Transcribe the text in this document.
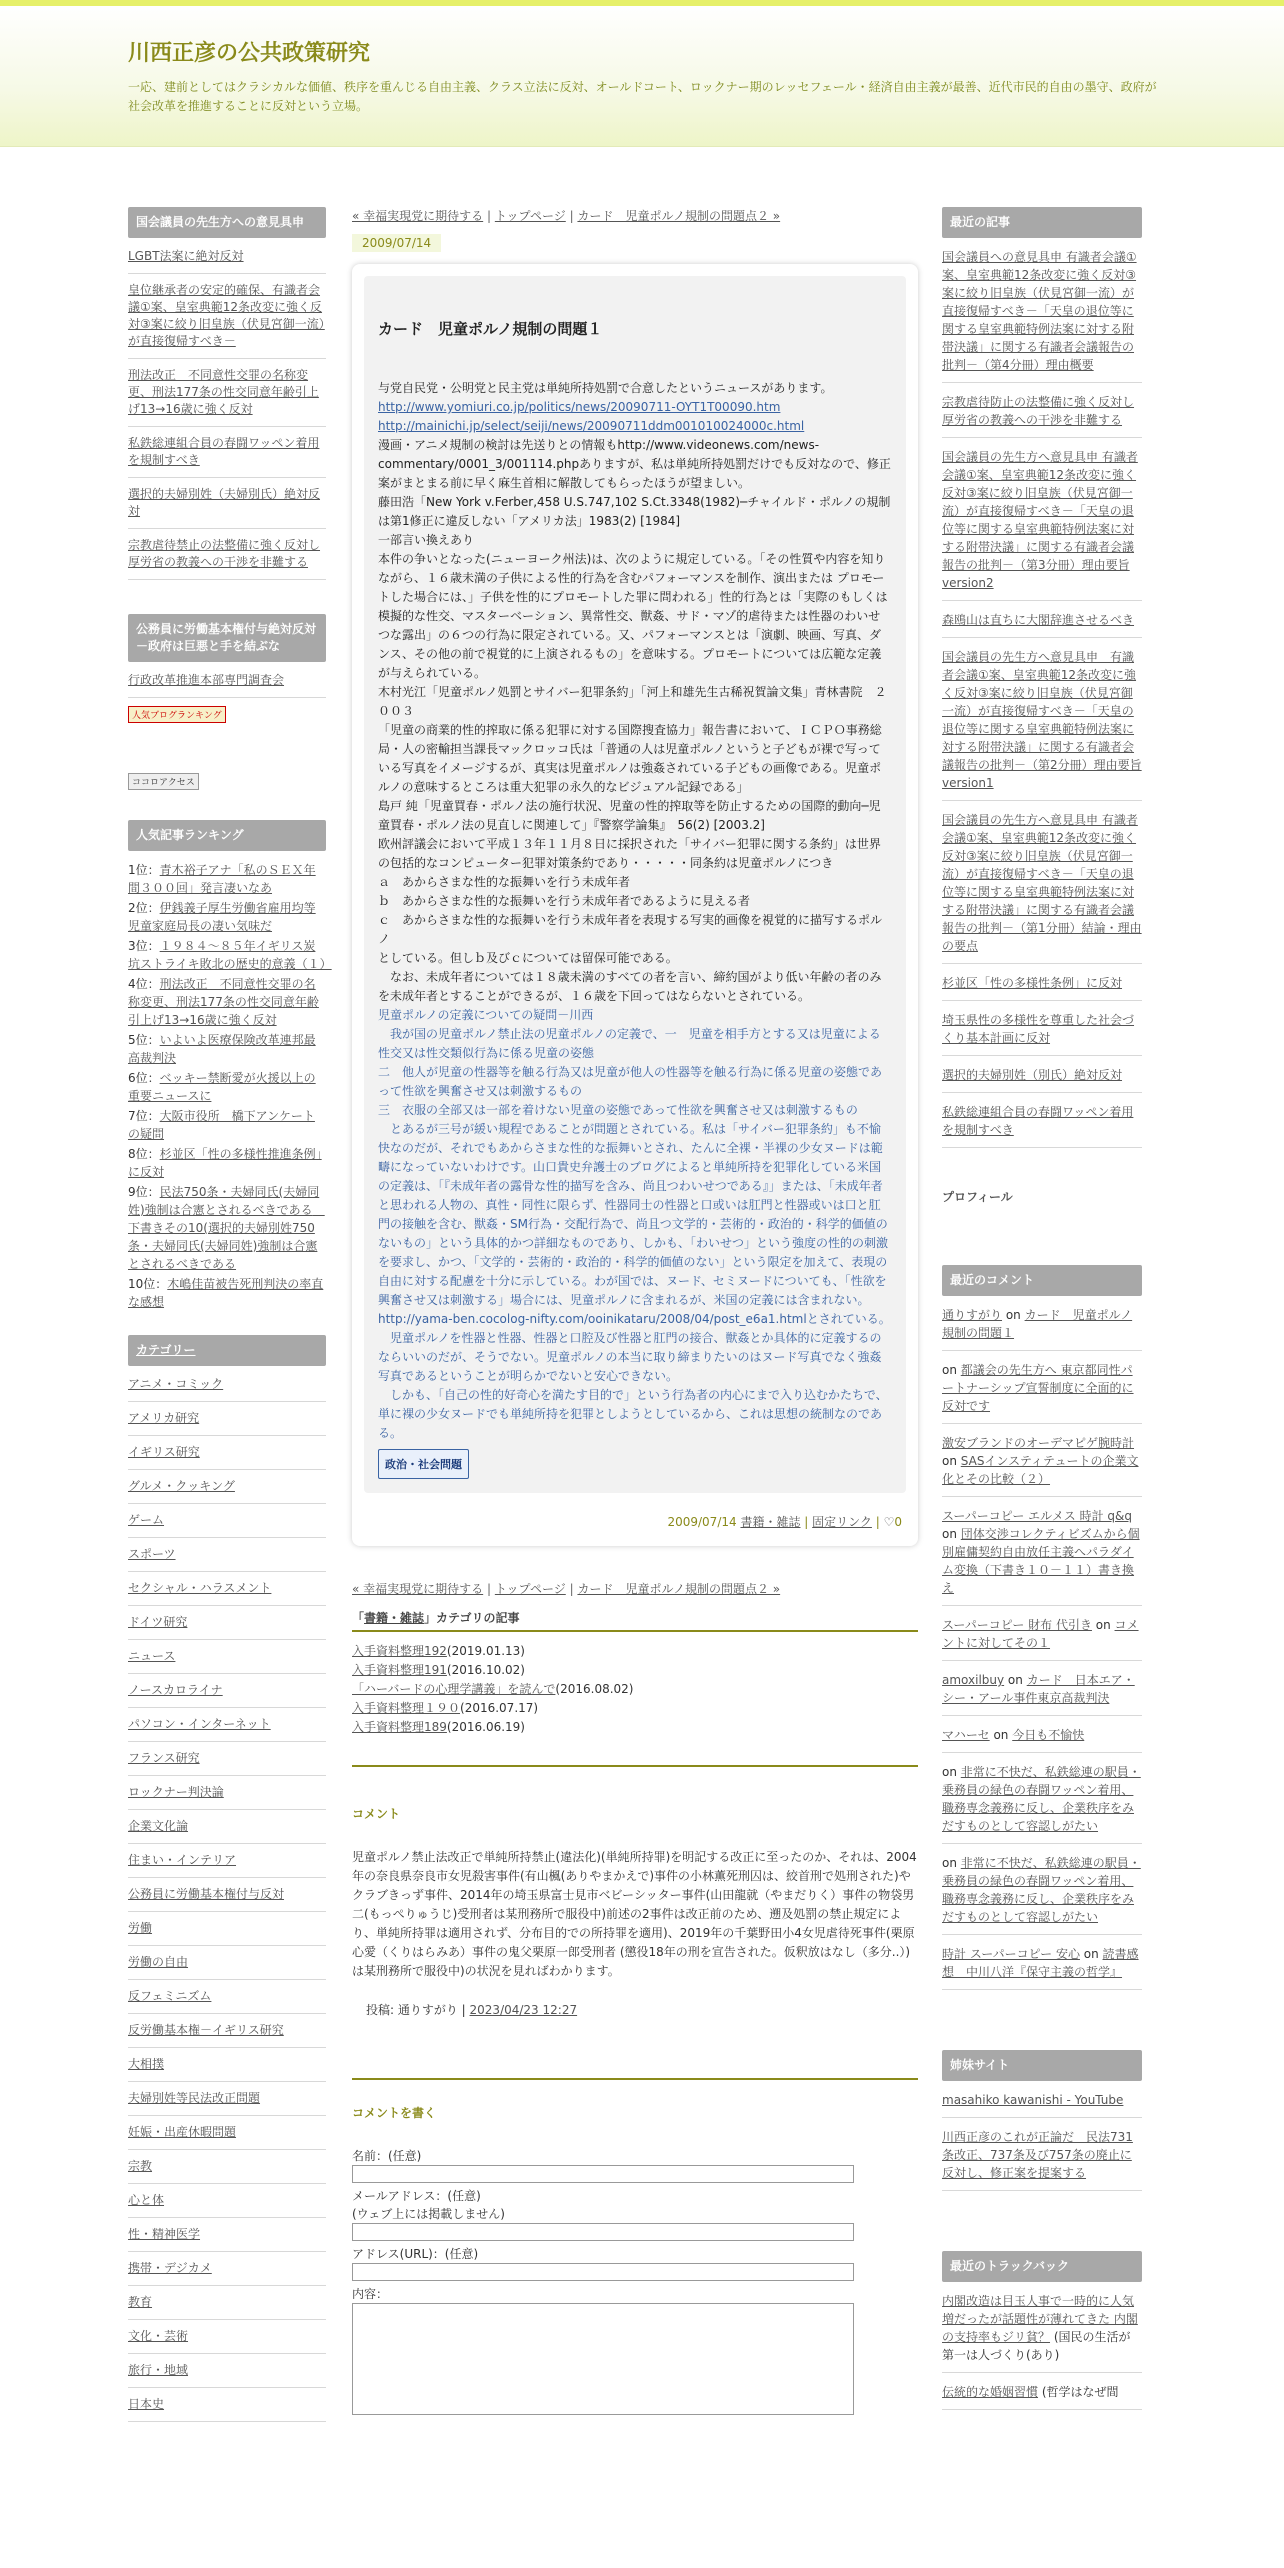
川西正彦の公共政策研究
一応、建前としてはクラシカルな価値、秩序を重んじる自由主義、クラス立法に反対、オールドコート、ロックナー期のレッセフェール・経済自由主義が最善、近代市民的自由の墨守、政府が社会改革を推進することに反対という立場。
国会議員の先生方への意見具申
LGBT法案に絶対反対
皇位継承者の安定的確保、有識者会議①案、皇室典範12条改変に強く反対③案に絞り旧皇族（伏見宮御一流）が直接復帰すべき－
刑法改正　不同意性交罪の名称変更、刑法177条の性交同意年齢引上げ13→16歳に強く反対
私鉄総連組合員の春闘ワッペン着用を規制すべき
選択的夫婦別姓（夫婦別氏）絶対反対
宗教虐待禁止の法整備に強く反対し厚労省の教義への干渉を非難する
公務員に労働基本権付与絶対反対－政府は巨悪と手を結ぶな
行政改革推進本部専門調査会
人気ブログランキング
ココロアクセス
人気記事ランキング
1位：青木裕子アナ「私のＳＥＸ年間３００回」発言凄いなあ
2位：伊銭義子厚生労働省雇用均等児童家庭局長の凄い気味だ
3位：１９８４～８５年イギリス炭坑ストライキ敗北の歴史的意義（１）
4位：刑法改正　不同意性交罪の名称変更、刑法177条の性交同意年齢引上げ13→16歳に強く反対
5位：いよいよ医療保険改革連邦最高裁判決
6位：ベッキー禁断愛が火援以上の重要ニュースに
7位：大阪市役所　橋下アンケートの疑問
8位：杉並区「性の多様性推進条例」に反対
9位：民法750条・夫婦同氏(夫婦同姓)強制は合憲とされるべきである　下書きその10(選択的夫婦別姓750条・夫婦同氏(夫婦同姓)強制は合憲とされるべきである
10位：木嶋佳苗被告死刑判決の率直な感想
カテゴリー
アニメ・コミック
アメリカ研究
イギリス研究
グルメ・クッキング
ゲーム
スポーツ
セクシャル・ハラスメント
ドイツ研究
ニュース
ノースカロライナ
パソコン・インターネット
フランス研究
ロックナー判決論
企業文化論
住まい・インテリア
公務員に労働基本権付与反対
労働
労働の自由
反フェミニズム
反労働基本権－イギリス研究
大相撲
夫婦別姓等民法改正問題
妊娠・出産休暇問題
宗教
心と体
性・精神医学
携帯・デジカメ
教育
文化・芸術
旅行・地域
日本史
« 幸福実現党に期待する | トップページ | カード　児童ポルノ規制の問題点２ »
2009/07/14
カード　児童ポルノ規制の問題１

与党自民党・公明党と民主党は単純所持処罰で合意したというニュースがあります。

http://www.yomiuri.co.jp/politics/news/20090711-OYT1T00090.htm

http://mainichi.jp/select/seiji/news/20090711ddm001010024000c.html

漫画・アニメ規制の検討は先送りとの情報もhttp://www.videonews.com/news-commentary/0001_3/001114.phpありますが、私は単純所持処罰だけでも反対なので、修正案がまとまる前に早く麻生首相に解散してもらったほうが望ましい。

藤田浩「New York v.Ferber,458 U.S.747,102 S.Ct.3348(1982)─チャイルド・ポルノの規制は第1修正に違反しない「アメリカ法」1983(2) [1984]

一部言い換えあり

本件の争いとなった(ニューヨーク州法)は、次のように規定している。「その性質や内容を知りながら、１６歳未満の子供による性的行為を含むパフォーマンスを制作、演出または プロモートした場合には、」子供を性的にプロモートした罪に問われる」性的行為とは「実際のもしくは模擬的な性交、マスターベーション、異常性交、獣姦、サド・マゾ的虐待または性器のわいせつな露出」の６つの行為に限定されている。又、パフォーマンスとは「演劇、映画、写真、ダンス、その他の前で視覚的に上演されるもの」を意味する。プロモートについては広範な定義が与えられている。

木村光江「児童ポルノ処罰とサイバー犯罪条約」「河上和雄先生古稀祝賀論文集」青林書院　２００３

「児童の商業的性的搾取に係る犯罪に対する国際搜査協力」報告書において、ＩＣＰＯ事務総局・人の密輸担当課長マックロッコ氏は「普通の人は児童ポルノというと子どもが裸で写っている写真をイメージするが、真実は児童ポルノは強姦されている子どもの画像である。児童ポルノの意味するところは重大犯罪の永久的なビジュアル記録である」

島戸 純「児童買春・ポルノ法の施行状況、児童の性的搾取等を防止するための国際的動向─児童買春・ポルノ法の見直しに関連して」『警察学論集』　56(2) [2003.2]

欧州評議会において平成１３年１１月８日に採択された「サイバー犯罪に関する条約」は世界の包括的なコンピューター犯罪対策条約であり・・・・・同条約は児童ポルノにつき

ａ　あからさまな性的な振舞いを行う未成年者

ｂ　あからさまな性的な振舞いを行う未成年者であるように見える者

ｃ　あからさまな性的な振舞いを行う未成年者を表現する写実的画像を視覚的に描写するポルノ

としている。但しｂ及びｃについては留保可能である。

　なお、未成年者については１８歳未満のすべての者を言い、締約国がより低い年齢の者のみを未成年者とすることができるが、１６歳を下回ってはならないとされている。

児童ポルノの定義についての疑問－川西

　我が国の児童ポルノ禁止法の児童ポルノの定義で、一　児童を相手方とする又は児童による性交又は性交類似行為に係る児童の姿態

二　他人が児童の性器等を触る行為又は児童が他人の性器等を触る行為に係る児童の姿態であって性欲を興奮させ又は刺激するもの

三　衣服の全部又は一部を着けない児童の姿態であって性欲を興奮させ又は刺激するもの

　とあるが三号が緩い規程であることが問題とされている。私は「サイバー犯罪条約」も不愉快なのだが、それでもあからさまな性的な振舞いとされ、たんに全裸・半裸の少女ヌードは範疇になっていないわけです。山口貴史弁護士のブログによると単純所持を犯罪化している米国の定義は、「『未成年者の露骨な性的描写を含み、尚且つわいせつである』」または、「未成年者と思われる人物の、真性・同性に限らず、性器同士の性器と口或いは肛門と性器或いは口と肛門の接触を含む、獣姦・SM行為・交配行為で、尚且つ文学的・芸術的・政治的・科学的価値のないもの」という具体的かつ詳細なものであり、しかも、「わいせつ」という強度の性的の刺激を要求し、かつ、「文学的・芸術的・政治的・科学的価値のない」という限定を加えて、表現の自由に対する配慮を十分に示している。わが国では、ヌード、セミヌードについても、「性欲を興奮させ又は刺激する」場合には、児童ポルノに含まれるが、米国の定義には含まれない。http://yama-ben.cocolog-nifty.com/ooinikataru/2008/04/post_e6a1.htmlとされている。

　児童ポルノを性器と性器、性器と口腔及び性器と肛門の接合、獣姦とか具体的に定義するのならいいのだが、そうでない。児童ポルノの本当に取り締まりたいのはヌード写真でなく強姦写真であるということが明らかでないと安心できない。

　しかも、「自己の性的好奇心を満たす目的で」という行為者の内心にまで入り込むかたちで、単に裸の少女ヌードでも単純所持を犯罪としようとしているから、これは思想の統制なのである。

政治・社会問題
2009/07/14 書籍・雑誌 | 固定リンク | ♡0
« 幸福実現党に期待する | トップページ | カード　児童ポルノ規制の問題点２ »
「書籍・雑誌」カテゴリの記事
入手資料整理192(2019.01.13)
入手資料整理191(2016.10.02)
「ハーバードの心理学講義」を読んで(2016.08.02)
入手資料整理１９０(2016.07.17)
入手資料整理189(2016.06.19)
コメント
児童ポルノ禁止法改正で単純所持禁止(違法化)(単純所持罪)を明記する改正に至ったのか、それは、2004年の奈良県奈良市女児殺害事件(有山楓(ありやまかえで)事件の小林薫死刑囚は、絞首刑で処刑された)やクラブきっず事件、2014年の埼玉県富士見市ベビーシッター事件(山田龍就（やまだりく）事件の物袋男二(もっぺりゅうじ)受刑者は某刑務所で服役中)前述の2事件は改正前のため、遡及処罰の禁止規定により、単純所持罪は適用されず、分布目的での所持罪を適用)、2019年の千葉野田小4女児虐待死事件(栗原心愛（くりはらみあ）事件の鬼父栗原一郎受刑者 (懲役18年の刑を宣告された。仮釈放はなし（多分..）) は某刑務所で服役中)の状況を見ればわかります。
投稿: 通りすがり | 2023/04/23 12:27
コメントを書く
名前：(任意)
メールアドレス：(任意)
(ウェブ上には掲載しません)
アドレス(URL)：(任意)
内容：
最近の記事
国会議員への意見具申 有識者会議①案、皇室典範12条改変に強く反対③案に絞り旧皇族（伏見宮御一流）が直接復帰すべき－「天皇の退位等に関する皇室典範特例法案に対する附帯決議」に関する有識者会議報告の批判－（第4分冊）理由概要
宗教虐待防止の法整備に強く反対し厚労省の教義への干渉を非難する
国会議員の先生方へ意見具申 有識者会議①案、皇室典範12条改変に強く反対③案に絞り旧皇族（伏見宮御一流）が直接復帰すべき－「天皇の退位等に関する皇室典範特例法案に対する附帯決議」に関する有識者会議報告の批判－（第3分冊）理由要旨version2
森鴎山は直ちに大閣辞進させるべき
国会議員の先生方へ意見具申　有識者会議①案、皇室典範12条改変に強く反対③案に絞り旧皇族（伏見宮御一流）が直接復帰すべき－「天皇の退位等に関する皇室典範特例法案に対する附帯決議」に関する有識者会議報告の批判－（第2分冊）理由要旨version1
国会議員の先生方へ意見具申 有識者会議①案、皇室典範12条改変に強く反対③案に絞り旧皇族（伏見宮御一流）が直接復帰すべき－「天皇の退位等に関する皇室典範特例法案に対する附帯決議」に関する有識者会議報告の批判－（第1分冊）結論・理由の要点
杉並区「性の多様性条例」に反対
埼玉県性の多様性を尊重した社会づくり基本計画に反対
選択的夫婦別姓（別氏）絶対反対
私鉄総連組合員の春闘ワッペン着用を規制すべき
プロフィール
最近のコメント
通りすがり on カード　児童ポルノ規制の問題１
on 都議会の先生方へ 東京都同性パートナーシップ宣誓制度に全面的に反対です
激安ブランドのオーデマピゲ腕時計 on SASインスティテュートの企業文化とその比較（２）
スーパーコピー エルメス 時計 q&q on 団体交渉コレクティビズムから個別雇傭契約自由放任主義へパラダイム変換（下書き１０－１１）書き換え
スーパーコピー 財布 代引き on コメントに対してその１
amoxilbuy on カード　日本エア・シー・アール事件東京高裁判決
マハーセ on 今日も不愉快
on 非常に不快だ、私鉄総連の駅員・乗務員の緑色の春闘ワッペン着用、職務専念義務に反し、企業秩序をみだすものとして容認しがたい
on 非常に不快だ、私鉄総連の駅員・乗務員の緑色の春闘ワッペン着用、職務専念義務に反し、企業秩序をみだすものとして容認しがたい
時計 スーパーコピー 安心 on 読書感想　中川八洋『保守主義の哲学』
姉妹サイト
masahiko kawanishi - YouTube
川西正彦のこれが正論だ　民法731条改正、737条及び757条の廃止に反対し、修正案を提案する
最近のトラックバック
内閣改造は目玉人事で一時的に人気増だったが話題性が薄れてきた 内閣の支持率もジリ貧？ (国民の生活が第一は人づくり(あり)
伝統的な婚姻習慣 (哲学はなぜ間
